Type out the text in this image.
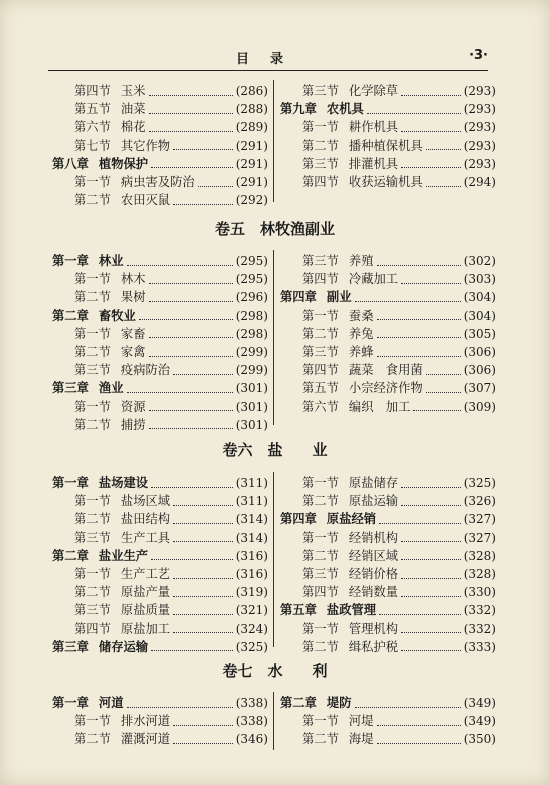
目　录	·3·
第四节 玉米	(286)
第五节 油菜	(288)
第六节 棉花	(289)
第七节 其它作物	(291)
第八章 植物保护	(291)
第一节 病虫害及防治	(291)
第二节 农田灭鼠	(292)
第三节 化学除草	(293)
第九章 农机具	(293)
第一节 耕作机具	(293)
第二节 播种植保机具	(293)
第三节 排灌机具	(293)
第四节 收获运输机具	(294)
卷五　林牧渔副业
第一章 林业	(295)
第一节 林木	(295)
第二节 果树	(296)
第二章 畜牧业	(298)
第一节 家畜	(298)
第二节 家禽	(299)
第三节 疫病防治	(299)
第三章 渔业	(301)
第一节 资源	(301)
第二节 捕捞	(301)
第三节 养殖	(302)
第四节 冷藏加工	(303)
第四章 副业	(304)
第一节 蚕桑	(304)
第二节 养兔	(305)
第三节 养蜂	(306)
第四节 蔬菜　食用菌	(306)
第五节 小宗经济作物	(307)
第六节 编织　加工	(309)
卷六　盐　　业
第一章 盐场建设	(311)
第一节 盐场区域	(311)
第二节 盐田结构	(314)
第三节 生产工具	(314)
第二章 盐业生产	(316)
第一节 生产工艺	(316)
第二节 原盐产量	(319)
第三节 原盐质量	(321)
第四节 原盐加工	(324)
第三章 储存运输	(325)
第一节 原盐储存	(325)
第二节 原盐运输	(326)
第四章 原盐经销	(327)
第一节 经销机构	(327)
第二节 经销区域	(328)
第三节 经销价格	(328)
第四节 经销数量	(330)
第五章 盐政管理	(332)
第一节 管理机构	(332)
第二节 缉私护税	(333)
卷七　水　　利
第一章 河道	(338)
第一节 排水河道	(338)
第二节 灌溉河道	(346)
第二章 堤防	(349)
第一节 河堤	(349)
第二节 海堤	(350)
